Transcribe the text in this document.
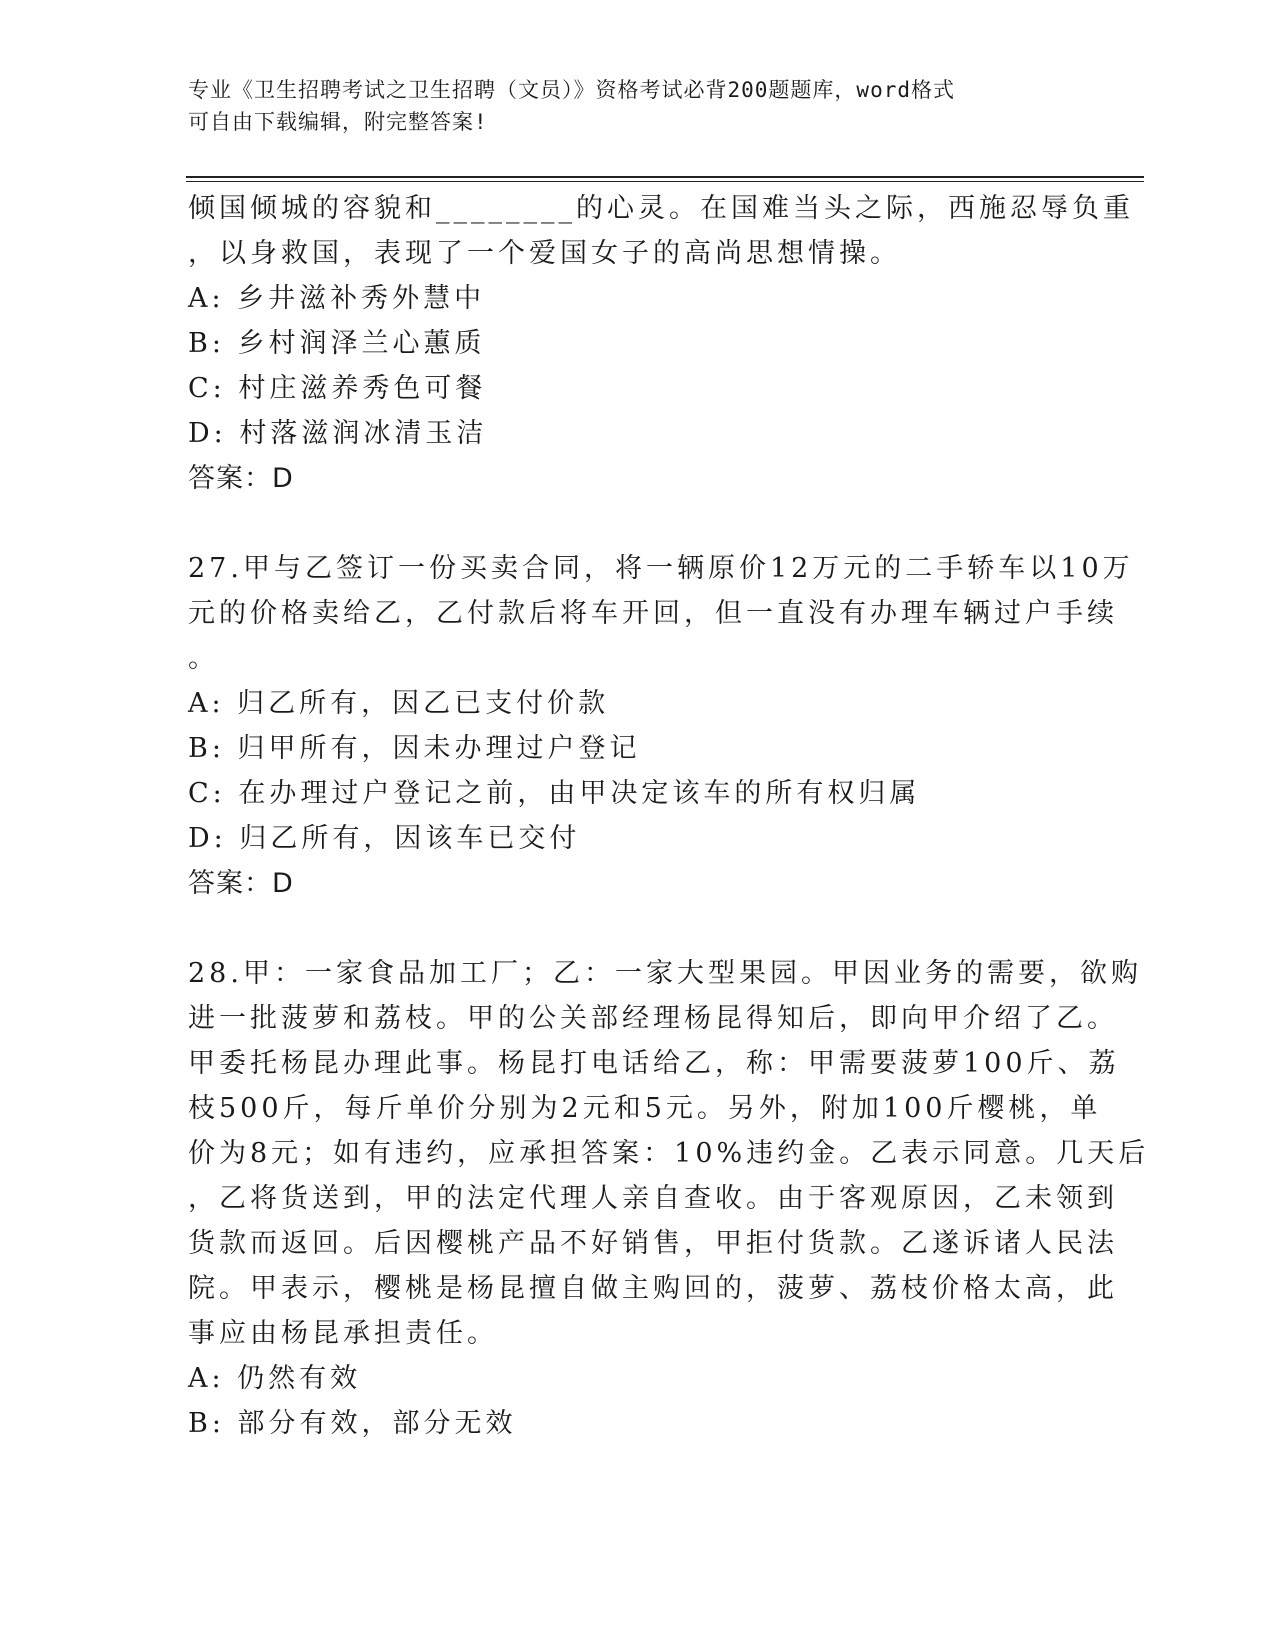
专业《卫生招聘考试之卫生招聘（文员）》资格考试必背200题题库，word格式
可自由下载编辑，附完整答案!
倾国倾城的容貌和________的心灵。在国难当头之际，西施忍辱负重
，以身救国，表现了一个爱国女子的高尚思想情操。
A: 乡井滋补秀外慧中
B: 乡村润泽兰心蕙质
C: 村庄滋养秀色可餐
D: 村落滋润冰清玉洁
答案：D
27.甲与乙签订一份买卖合同，将一辆原价12万元的二手轿车以10万
元的价格卖给乙，乙付款后将车开回，但一直没有办理车辆过户手续
。
A: 归乙所有，因乙已支付价款
B: 归甲所有，因未办理过户登记
C: 在办理过户登记之前，由甲决定该车的所有权归属
D: 归乙所有，因该车已交付
答案：D
28.甲：一家食品加工厂；乙：一家大型果园。甲因业务的需要，欲购
进一批菠萝和荔枝。甲的公关部经理杨昆得知后，即向甲介绍了乙。
甲委托杨昆办理此事。杨昆打电话给乙，称：甲需要菠萝100斤、荔
枝500斤，每斤单价分别为2元和5元。另外，附加100斤樱桃，单
价为8元；如有违约，应承担答案：10%违约金。乙表示同意。几天后
，乙将货送到，甲的法定代理人亲自查收。由于客观原因，乙未领到
货款而返回。后因樱桃产品不好销售，甲拒付货款。乙遂诉诸人民法
院。甲表示，樱桃是杨昆擅自做主购回的，菠萝、荔枝价格太高，此
事应由杨昆承担责任。
A: 仍然有效
B: 部分有效，部分无效
